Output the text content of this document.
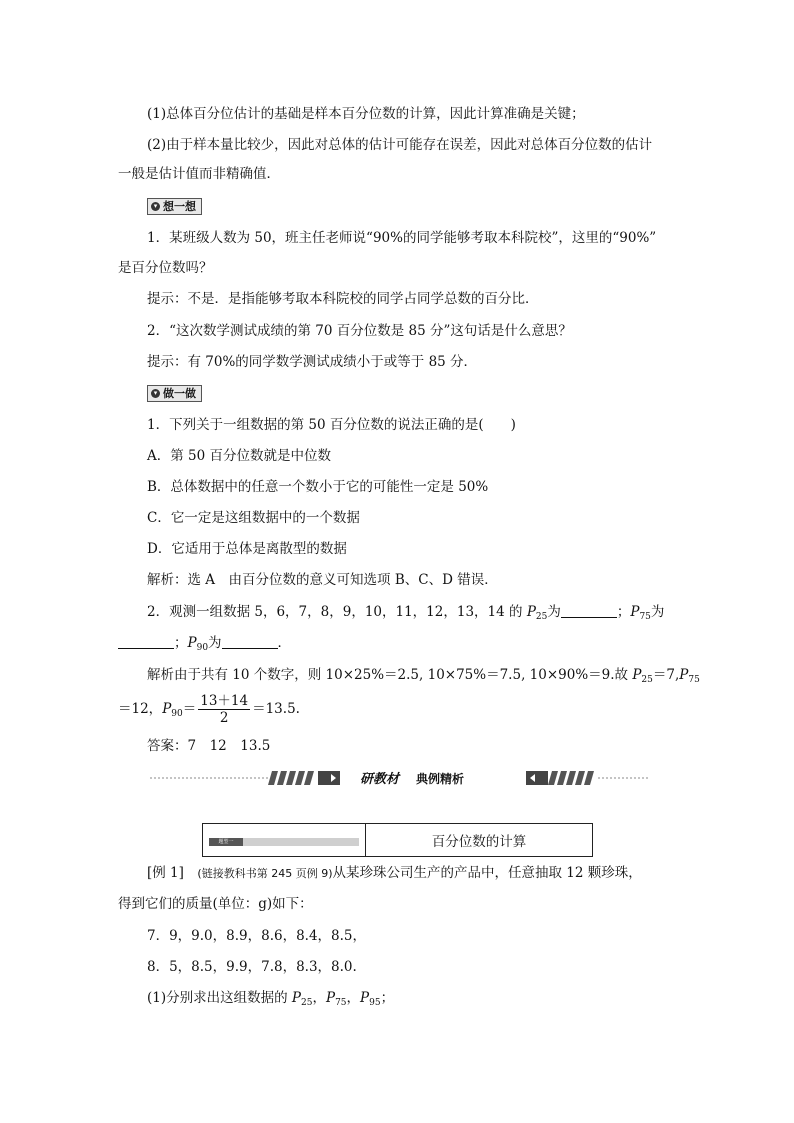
(1)总体百分位估计的基础是样本百分位数的计算，因此计算准确是关键；
(2)由于样本量比较少，因此对总体的估计可能存在误差，因此对总体百分位数的估计
一般是估计值而非精确值．
▾ 想一想
1．某班级人数为 50，班主任老师说“90%的同学能够考取本科院校”，这里的“90%”
是百分位数吗？
提示：不是．是指能够考取本科院校的同学占同学总数的百分比．
2．“这次数学测试成绩的第 70 百分位数是 85 分”这句话是什么意思？
提示：有 70%的同学数学测试成绩小于或等于 85 分．
▾ 做一做
1．下列关于一组数据的第 50 百分位数的说法正确的是(　　)
A．第 50 百分位数就是中位数
B．总体数据中的任意一个数小于它的可能性一定是 50%
C．它一定是这组数据中的一个数据
D．它适用于总体是离散型的数据
解析：选 A　由百分位数的意义可知选项 B、C、D 错误．
2．观测一组数据 5，6，7，8，9，10，11，12，13，14 的 $P_{25}$为	；$P_{75}$为
；$P_{90}$为	．
解析由于共有 10 个数字，则 10×25%＝2.5, 10×75%＝7.5, 10×90%＝9.故 $P_{25}=7,P_{75}$
＝12，$P_{90}= \frac{13+14}{2} =13.5$.
答案：7　12　13.5
研教材 典例精析
题型一	百分位数的计算
[例 1]　 (链接教科书第 245 页例 9)从某珍珠公司生产的产品中，任意抽取 12 颗珍珠，
得到它们的质量(单位：g)如下：
7．9，9.0，8.9，8.6，8.4，8.5，
8．5，8.5，9.9，7.8，8.3，8.0.
(1)分别求出这组数据的 $P_{25}$，$P_{75}$，$P_{95}$；
